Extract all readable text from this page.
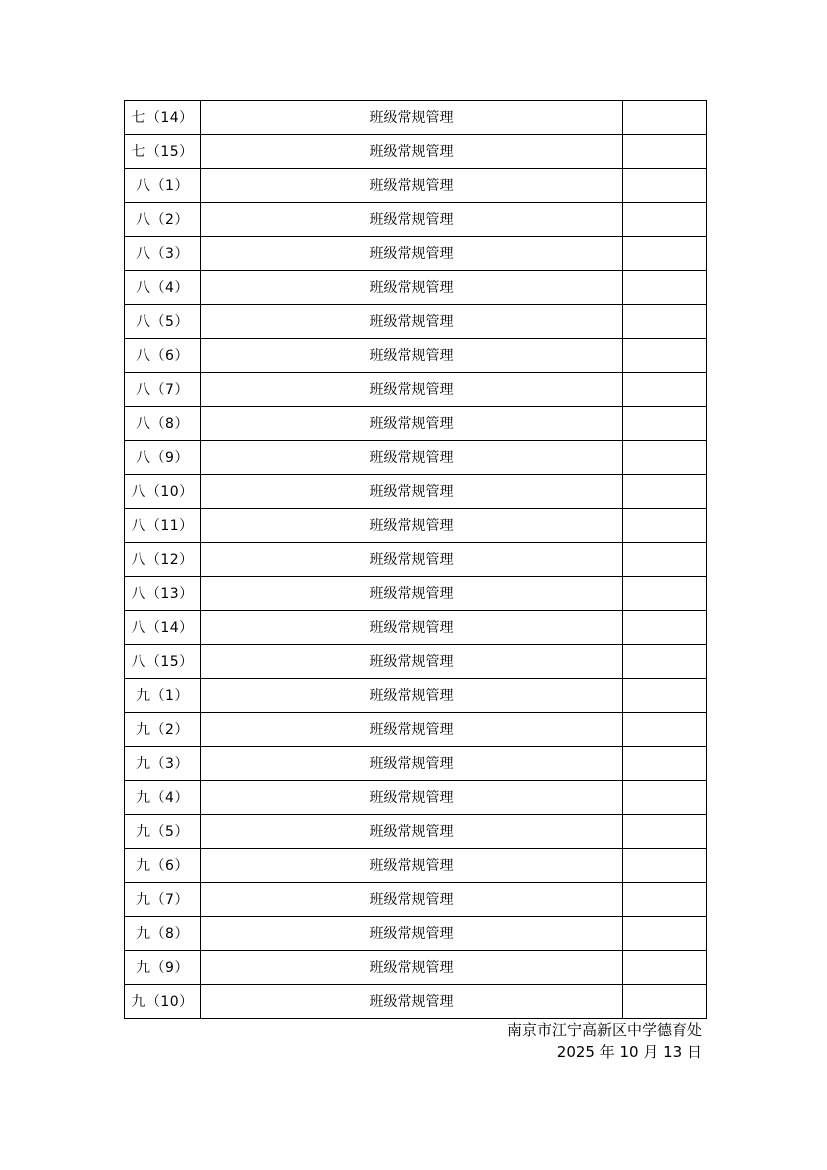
七（14）	班级常规管理	
七（15）	班级常规管理	
八（1）	班级常规管理	
八（2）	班级常规管理	
八（3）	班级常规管理	
八（4）	班级常规管理	
八（5）	班级常规管理	
八（6）	班级常规管理	
八（7）	班级常规管理	
八（8）	班级常规管理	
八（9）	班级常规管理	
八（10）	班级常规管理	
八（11）	班级常规管理	
八（12）	班级常规管理	
八（13）	班级常规管理	
八（14）	班级常规管理	
八（15）	班级常规管理	
九（1）	班级常规管理	
九（2）	班级常规管理	
九（3）	班级常规管理	
九（4）	班级常规管理	
九（5）	班级常规管理	
九（6）	班级常规管理	
九（7）	班级常规管理	
九（8）	班级常规管理	
九（9）	班级常规管理	
九（10）	班级常规管理	
南京市江宁高新区中学德育处
2025 年 10 月 13 日
